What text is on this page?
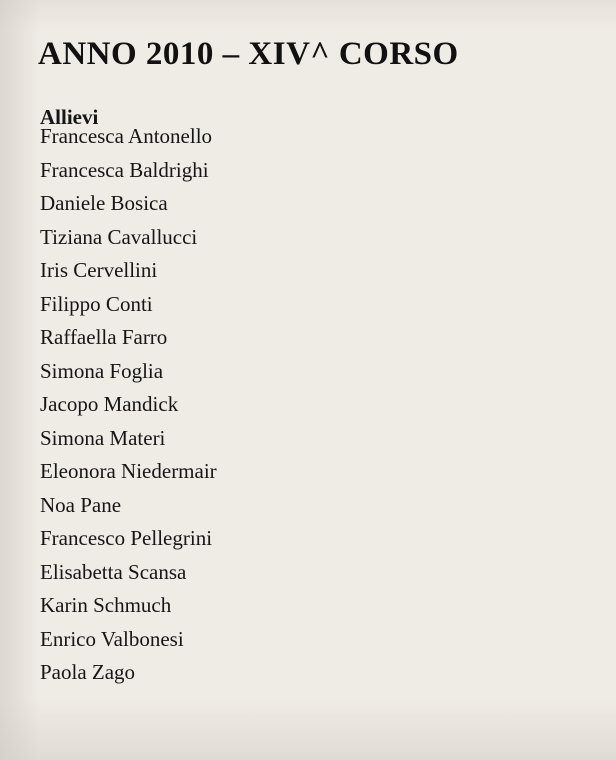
ANNO 2010 – XIV^ CORSO
Allievi
Francesca Antonello
Francesca Baldrighi
Daniele Bosica
Tiziana Cavallucci
Iris Cervellini
Filippo Conti
Raffaella Farro
Simona Foglia
Jacopo Mandick
Simona Materi
Eleonora Niedermair
Noa Pane
Francesco Pellegrini
Elisabetta Scansa
Karin Schmuch
Enrico Valbonesi
Paola Zago
